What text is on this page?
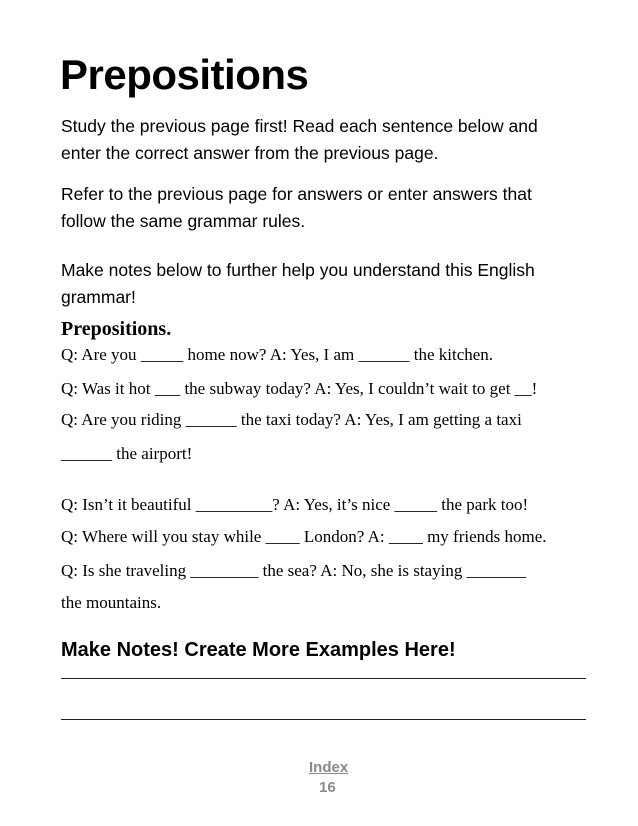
Prepositions

Study the previous page first! Read each sentence below and enter the correct answer from the previous page.

Refer to the previous page for answers or enter answers that follow the same grammar rules.

Make notes below to further help you understand this English grammar!

Prepositions.

Q: Are you _____ home now? A: Yes, I am ______ the kitchen.

Q: Was it hot ___ the subway today? A: Yes, I couldn’t wait to get __!

Q: Are you riding ______ the taxi today? A: Yes, I am getting a taxi

______ the airport!

Q: Isn’t it beautiful _________? A: Yes, it’s nice _____ the park too!

Q: Where will you stay while ____ London? A: ____ my friends home.

Q: Is she traveling ________ the sea? A: No, she is staying _______

the mountains.

Make Notes! Create More Examples Here!
Index
16
